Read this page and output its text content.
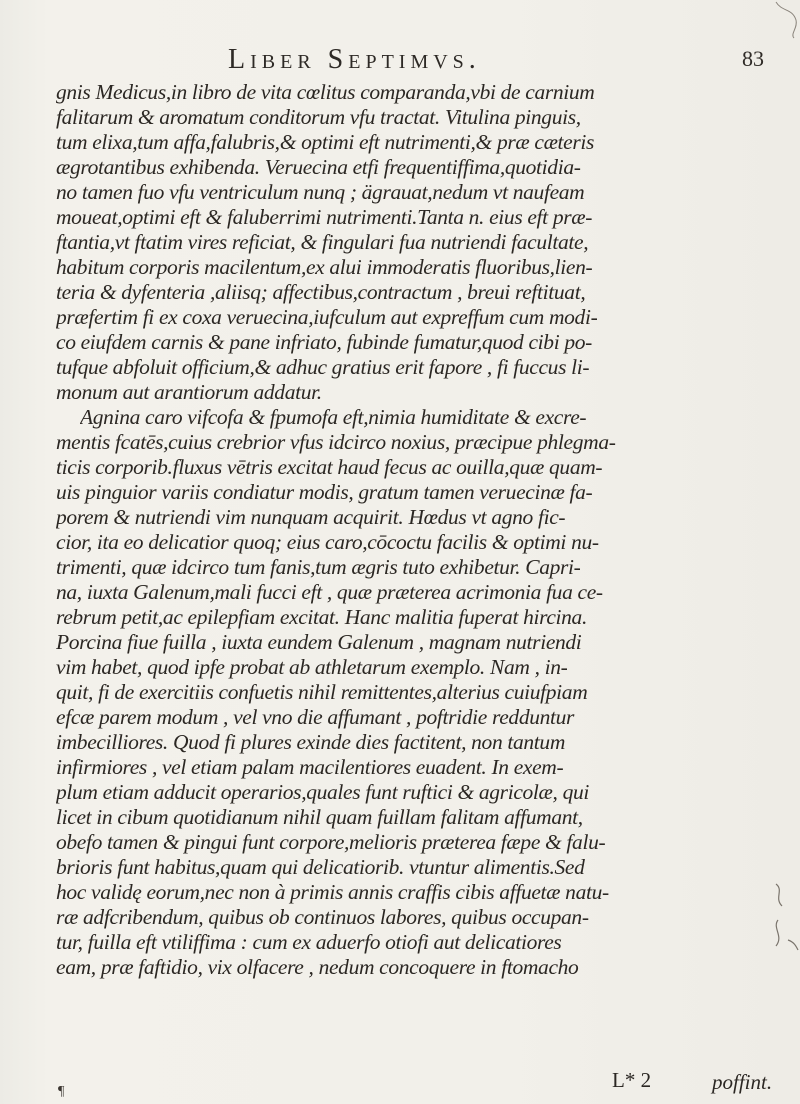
Liber Septimvs.	83
gnis Medicus,in libro de vita cœlitus comparanda,vbi de carnium
falitarum & aromatum conditorum vfu tractat. Vitulina pinguis,
tum elixa,tum affa,falubris,& optimi eft nutrimenti,& præ cæteris
ægrotantibus exhibenda. Veruecina etfi frequentiffima,quotidia-
no tamen fuo vfu ventriculum nunq ; ägrauat,nedum vt naufeam
moueat,optimi eft & faluberrimi nutrimenti.Tanta n. eius eft præ-
ftantia,vt ftatim vires reficiat, & fingulari fua nutriendi facultate,
habitum corporis macilentum,ex alui immoderatis fluoribus,lien-
teria & dyfenteria ,aliisq; affectibus,contractum , breui reftituat,
præfertim fi ex coxa veruecina,iufculum aut expreffum cum modi-
co eiufdem carnis & pane infriato, fubinde fumatur,quod cibi po-
tufque abfoluit officium,& adhuc gratius erit fapore , fi fuccus li-
monum aut arantiorum addatur.
Agnina caro vifcofa & fpumofa eft,nimia humiditate & excre-
mentis fcatēs,cuius crebrior vfus idcirco noxius, præcipue phlegma-
ticis corporib.fluxus vētris excitat haud fecus ac ouilla,quæ quam-
uis pinguior variis condiatur modis, gratum tamen veruecinæ fa-
porem & nutriendi vim nunquam acquirit. Hœdus vt agno fic-
cior, ita eo delicatior quoq; eius caro,cōcoctu facilis & optimi nu-
trimenti, quæ idcirco tum fanis,tum ægris tuto exhibetur. Capri-
na, iuxta Galenum,mali fucci eft , quæ præterea acrimonia fua ce-
rebrum petit,ac epilepfiam excitat. Hanc malitia fuperat hircina.
Porcina fiue fuilla , iuxta eundem Galenum , magnam nutriendi
vim habet, quod ipfe probat ab athletarum exemplo. Nam , in-
quit, fi de exercitiis confuetis nihil remittentes,alterius cuiufpiam
efcæ parem modum , vel vno die affumant , poftridie redduntur
imbecilliores. Quod fi plures exinde dies factitent, non tantum
infirmiores , vel etiam palam macilentiores euadent. In exem-
plum etiam adducit operarios,quales funt ruftici & agricolæ, qui
licet in cibum quotidianum nihil quam fuillam falitam affumant,
obefo tamen & pingui funt corpore,melioris præterea fæpe & falu-
brioris funt habitus,quam qui delicatiorib. vtuntur alimentis.Sed
hoc validę eorum,nec non à primis annis craffis cibis affuetæ natu-
ræ adfcribendum, quibus ob continuos labores, quibus occupan-
tur, fuilla eft vtiliffima : cum ex aduerfo otiofi aut delicatiores
eam, præ faftidio, vix olfacere , nedum concoquere in ftomacho
L* 2	poffint.
¶
